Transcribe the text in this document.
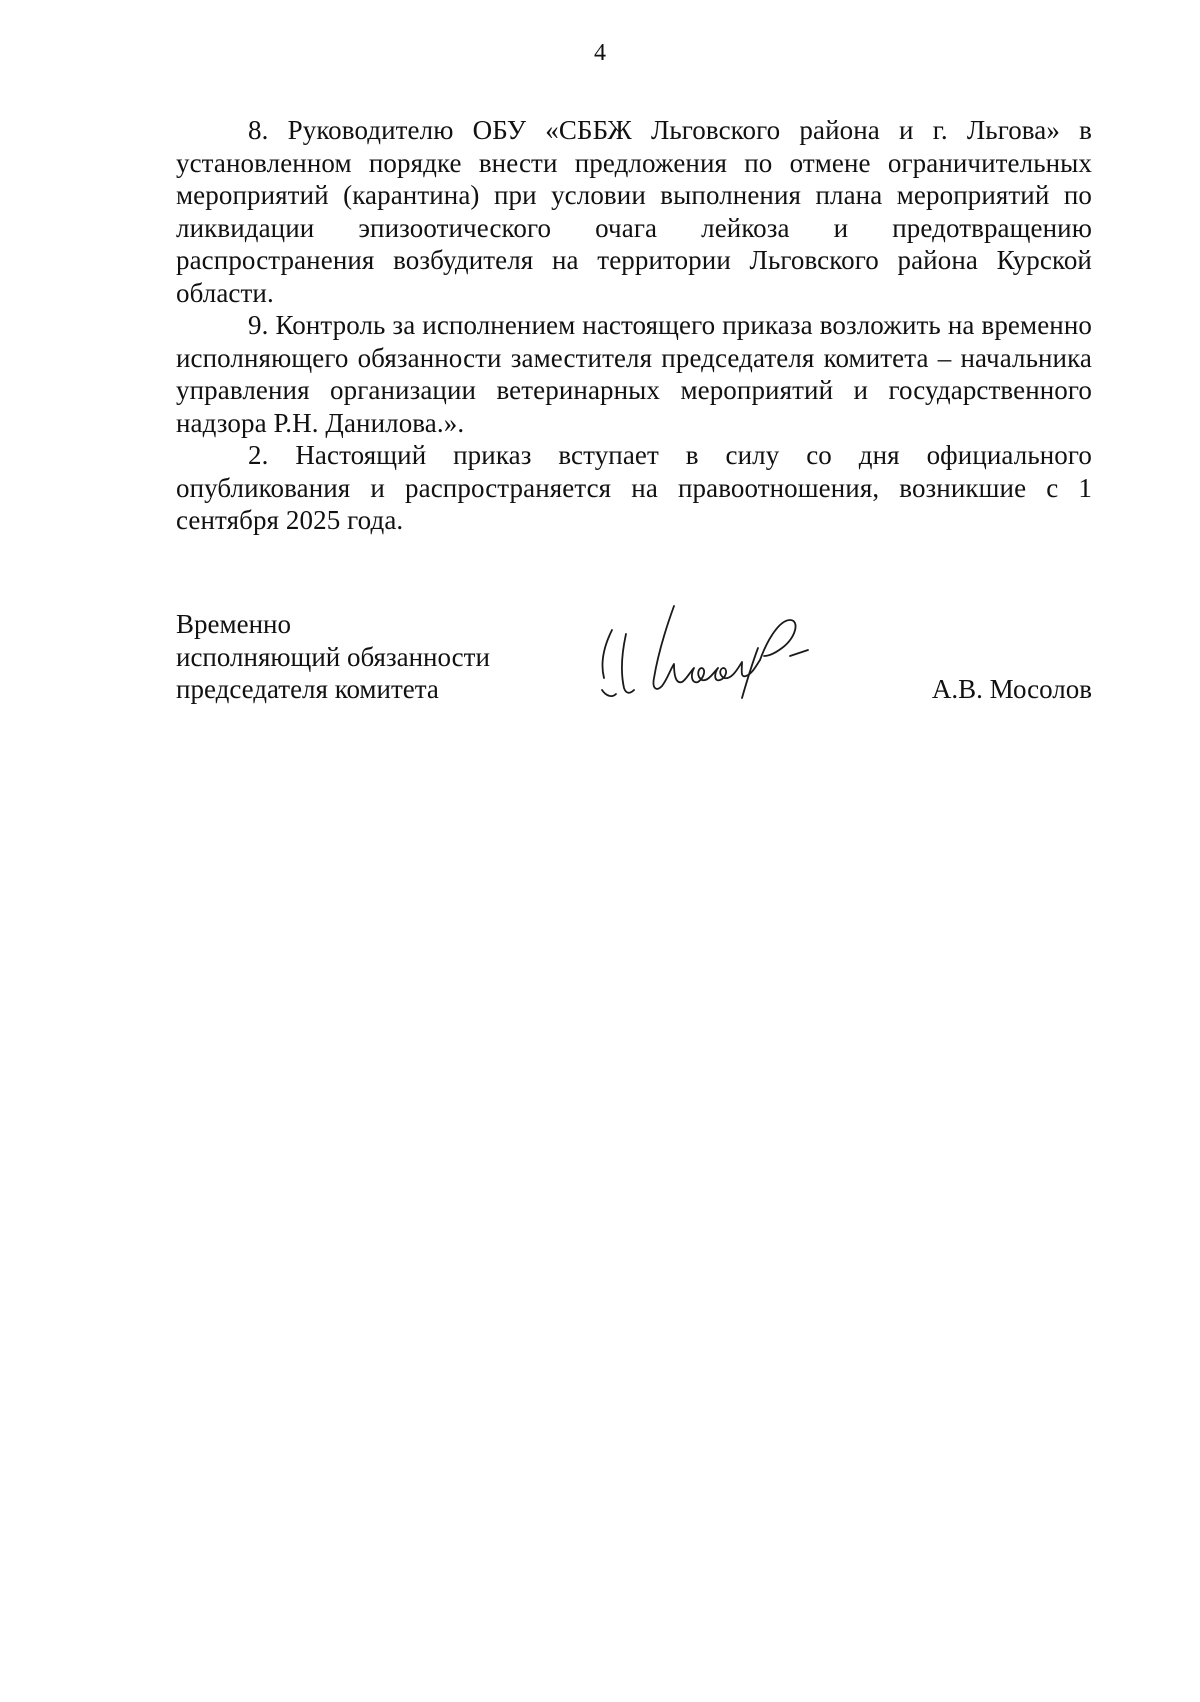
4

8. Руководителю ОБУ «СББЖ Льговского района и г. Льгова» в установленном порядке внести предложения по отмене ограничительных мероприятий (карантина) при условии выполнения плана мероприятий по ликвидации эпизоотического очага лейкоза и предотвращению распространения возбудителя на территории Льговского района Курской области.

9. Контроль за исполнением настоящего приказа возложить на временно исполняющего обязанности заместителя председателя комитета – начальника управления организации ветеринарных мероприятий и государственного надзора Р.Н. Данилова.».

2. Настоящий приказ вступает в силу со дня официального опубликования и распространяется на правоотношения, возникшие с 1 сентября 2025 года.

Временно
исполняющий обязанности
председателя комитета	А.В. Мосолов
